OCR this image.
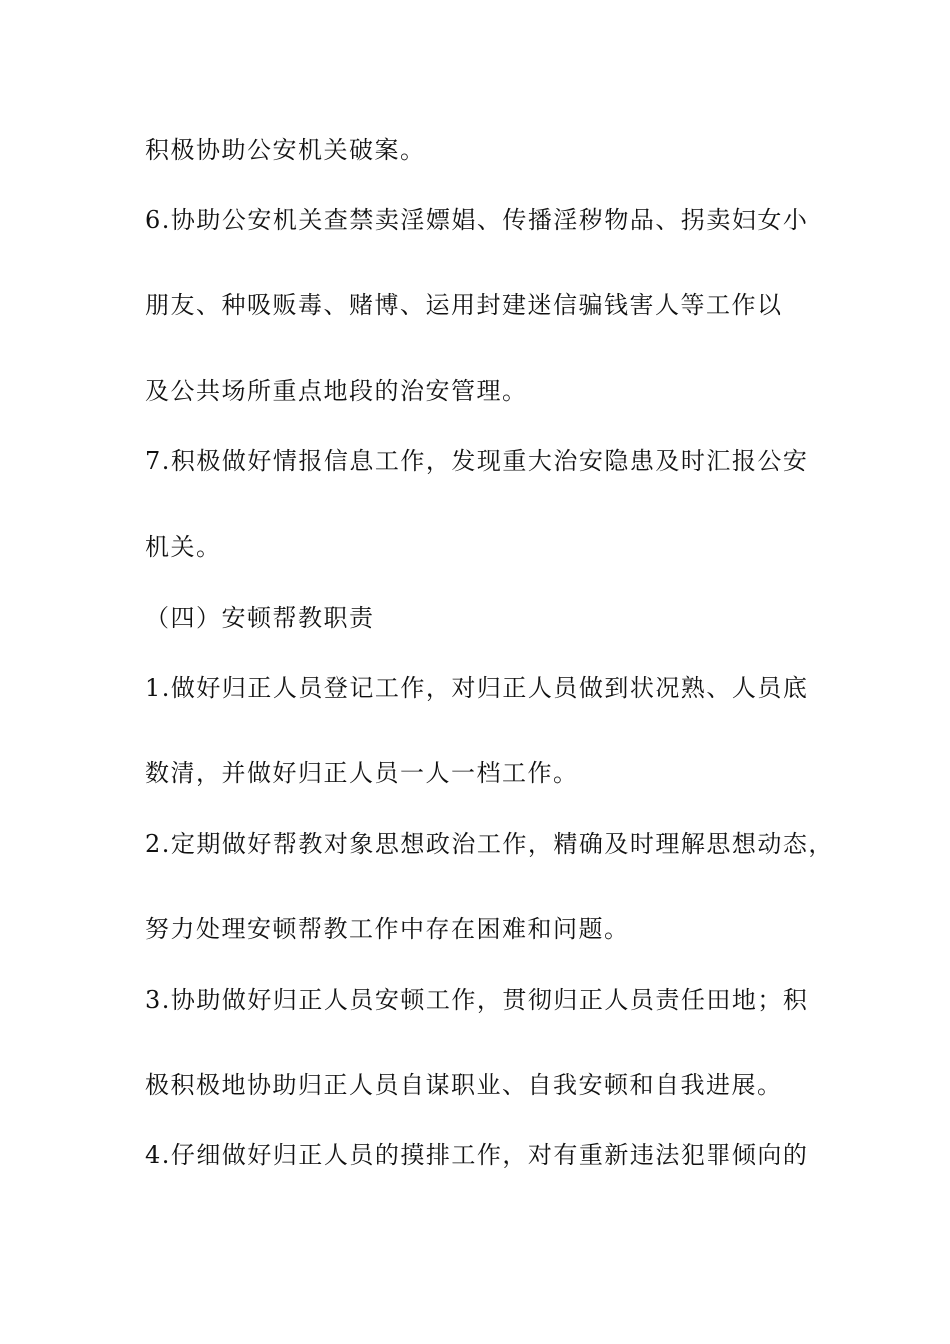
积极协助公安机关破案。
6.协助公安机关查禁卖淫嫖娼、传播淫秽物品、拐卖妇女小
朋友、种吸贩毒、赌博、运用封建迷信骗钱害人等工作以
及公共场所重点地段的治安管理。
7.积极做好情报信息工作，发现重大治安隐患及时汇报公安
机关。
（四）安顿帮教职责
1.做好归正人员登记工作，对归正人员做到状况熟、人员底
数清，并做好归正人员一人一档工作。
2.定期做好帮教对象思想政治工作，精确及时理解思想动态，
努力处理安顿帮教工作中存在困难和问题。
3.协助做好归正人员安顿工作，贯彻归正人员责任田地；积
极积极地协助归正人员自谋职业、自我安顿和自我进展。
4.仔细做好归正人员的摸排工作，对有重新违法犯罪倾向的
